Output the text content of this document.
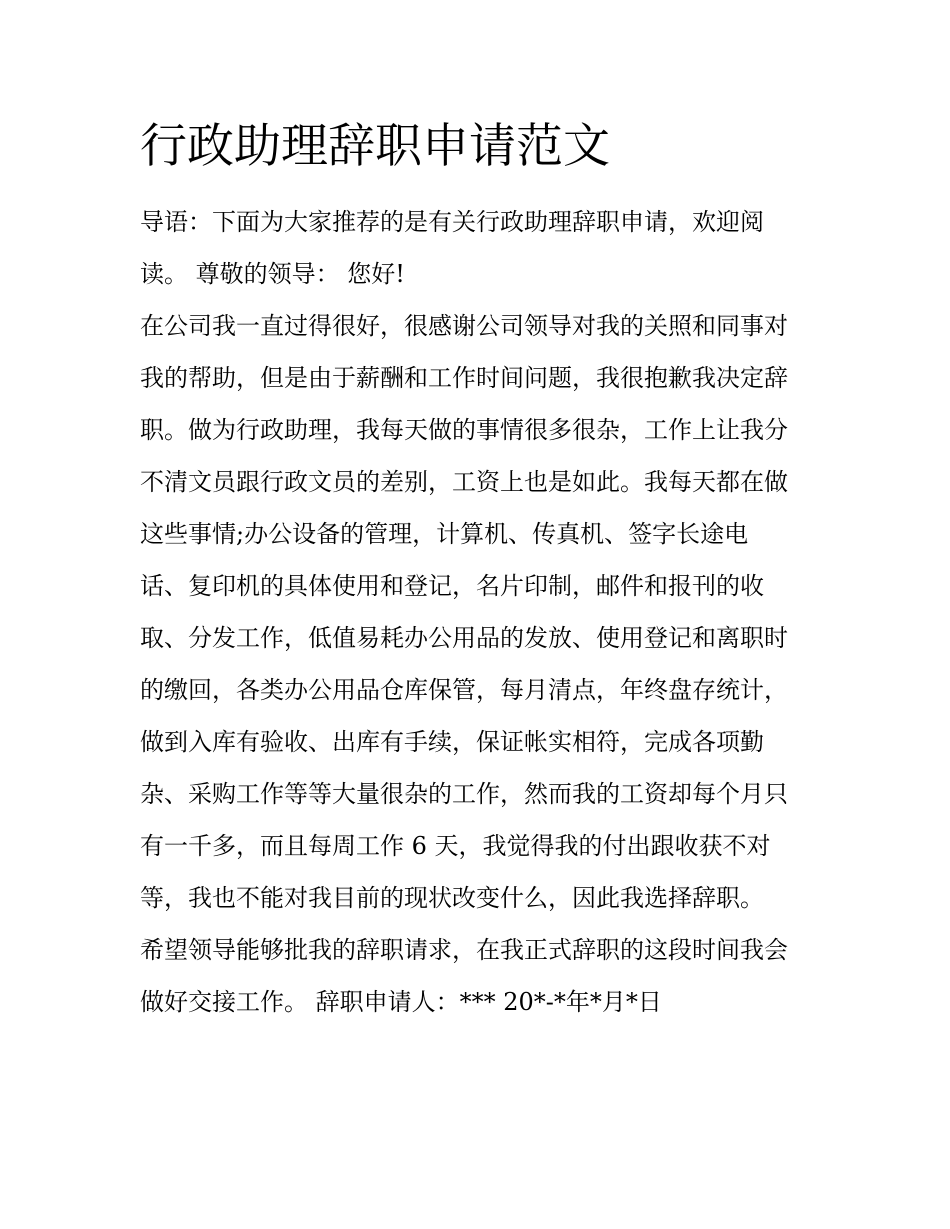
行政助理辞职申请范文

导语：下面为大家推荐的是有关行政助理辞职申请，欢迎阅

读。 尊敬的领导： 您好!

在公司我一直过得很好，很感谢公司领导对我的关照和同事对

我的帮助，但是由于薪酬和工作时间问题，我很抱歉我决定辞

职。做为行政助理，我每天做的事情很多很杂，工作上让我分

不清文员跟行政文员的差别，工资上也是如此。我每天都在做

这些事情;办公设备的管理，计算机、传真机、签字长途电

话、复印机的具体使用和登记，名片印制，邮件和报刊的收

取、分发工作，低值易耗办公用品的发放、使用登记和离职时

的缴回，各类办公用品仓库保管，每月清点，年终盘存统计，

做到入库有验收、出库有手续，保证帐实相符，完成各项勤

杂、采购工作等等大量很杂的工作，然而我的工资却每个月只

有一千多，而且每周工作 6 天，我觉得我的付出跟收获不对

等，我也不能对我目前的现状改变什么，因此我选择辞职。

希望领导能够批我的辞职请求，在我正式辞职的这段时间我会

做好交接工作。 辞职申请人：*** 20*-*年*月*日
